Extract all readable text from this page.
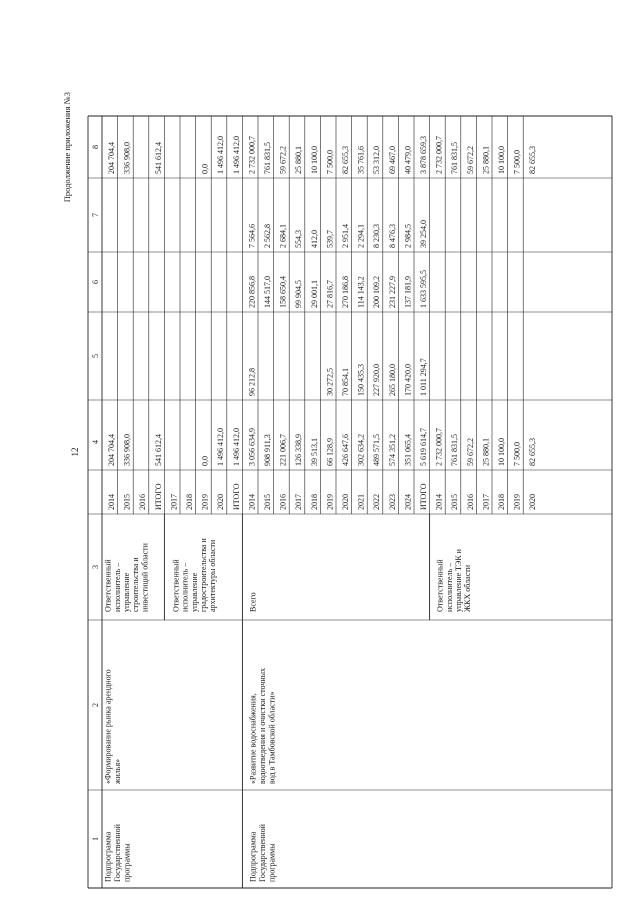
12
Продолжение приложения №3
1
2
3
4
5
6
7
8
Подпрограмма Государственной программы
«Формирование рынка арендного жилья»
Ответственный исполнитель – управление строительства и инвестиций области	Ответственный исполнитель – управление градостроительства и архитектуры области
Подпрограмма Государственной программы
«Развитие водоснабжения, водоотведения и очистки сточных вод в Тамбовской области»
Всего	Ответственный исполнитель – управление ТЭК и ЖКХ области
2014
204 704,4
204 704,4
2015
336 908,0
336 908,0
2016 ИТОГО
541 612,4
541 612,4
2017 2018 2019
0,0
0,0
2020
1 496 412,0
1 496 412,0
ИТОГО
1 496 412,0
1 496 412,0
2014
3 056 634,9
96 212,8
220 856,8
7 564,6
2 732 000,7
2015
908 911,3
144 517,0
2 562,8
761 831,5
2016
221 006,7
158 650,4
2 684,1
59 672,2
2017
126 338,9
99 904,5
554,3
25 880,1
2018
39 513,1
29 001,1
412,0
10 100,0
2019
66 128,9
30 272,5
27 816,7
539,7
7 500,0
2020
426 647,6
70 854,1
270 186,8
2 951,4
82 655,3
2021
302 634,2
150 435,3
114 143,2
2 294,1
35 761,6
2022
489 571,5
227 920,0
200 109,2
8 230,3
53 312,0
2023
574 351,2
265 180,0
231 227,9
8 476,3
69 467,0
2024
351 065,4
170 420,0
137 181,9
2 984,5
40 479,0
ИТОГО
5 619 614,7
1 011 294,7
1 633 595,5
39 254,0
3 878 659,3
2014
2 732 000,7
2 732 000,7
2015
761 831,5
761 831,5
2016
59 672,2
59 672,2
2017
25 880,1
25 880,1
2018
10 100,0
10 100,0
2019
7 500,0
7 500,0
2020
82 655,3
82 655,3
